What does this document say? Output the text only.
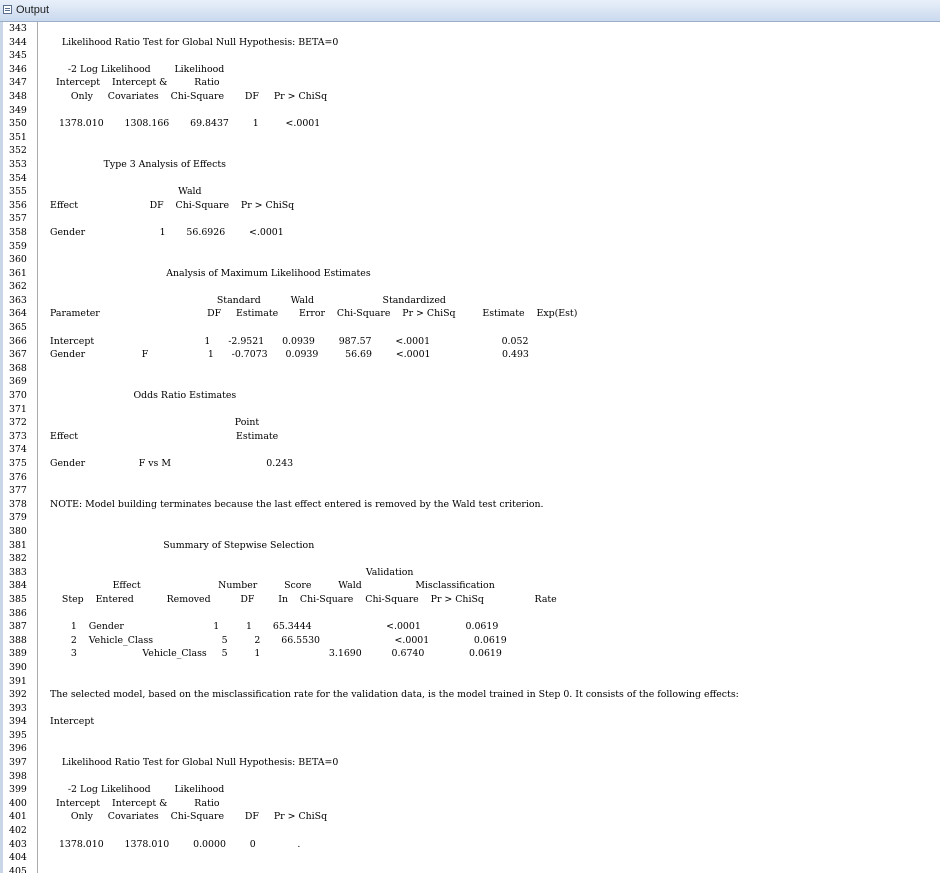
Output
343
344 Likelihood Ratio Test for Global Null Hypothesis: BETA=0
345
346 -2 Log Likelihood        Likelihood
347 Intercept    Intercept &         Ratio
348 Only     Covariates    Chi-Square       DF     Pr > ChiSq
349
350 1378.010       1308.166       69.8437        1         <.0001
351
352
353 Type 3 Analysis of Effects
354
355 Wald
356 Effect                        DF    Chi-Square    Pr > ChiSq
357
358 Gender                         1       56.6926        <.0001
359
360
361 Analysis of Maximum Likelihood Estimates
362
363 Standard          Wald                       Standardized
364 Parameter                                    DF     Estimate       Error    Chi-Square    Pr > ChiSq         Estimate    Exp(Est)
365
366 Intercept                                     1      -2.9521      0.0939        987.57        <.0001                        0.052
367 Gender                   F                    1      -0.7073      0.0939         56.69        <.0001                        0.493
368
369
370 Odds Ratio Estimates
371
372 Point
373 Effect                                                     Estimate
374
375 Gender                  F vs M                                0.243
376
377
378 NOTE: Model building terminates because the last effect entered is removed by the Wald test criterion.
379
380
381 Summary of Stepwise Selection
382
383 Validation
384 Effect                          Number         Score         Wald                  Misclassification
385 Step    Entered           Removed          DF        In    Chi-Square    Chi-Square    Pr > ChiSq                 Rate
386
387 1    Gender                              1         1       65.3444                         <.0001               0.0619
388 2    Vehicle_Class                       5         2       66.5530                         <.0001               0.0619
389 3                      Vehicle_Class     5         1                       3.1690          0.6740               0.0619
390
391
392 The selected model, based on the misclassification rate for the validation data, is the model trained in Step 0. It consists of the following effects:
393
394 Intercept
395
396
397 Likelihood Ratio Test for Global Null Hypothesis: BETA=0
398
399 -2 Log Likelihood        Likelihood
400 Intercept    Intercept &         Ratio
401 Only     Covariates    Chi-Square       DF     Pr > ChiSq
402
403 1378.010       1378.010        0.0000        0              .
404
405
